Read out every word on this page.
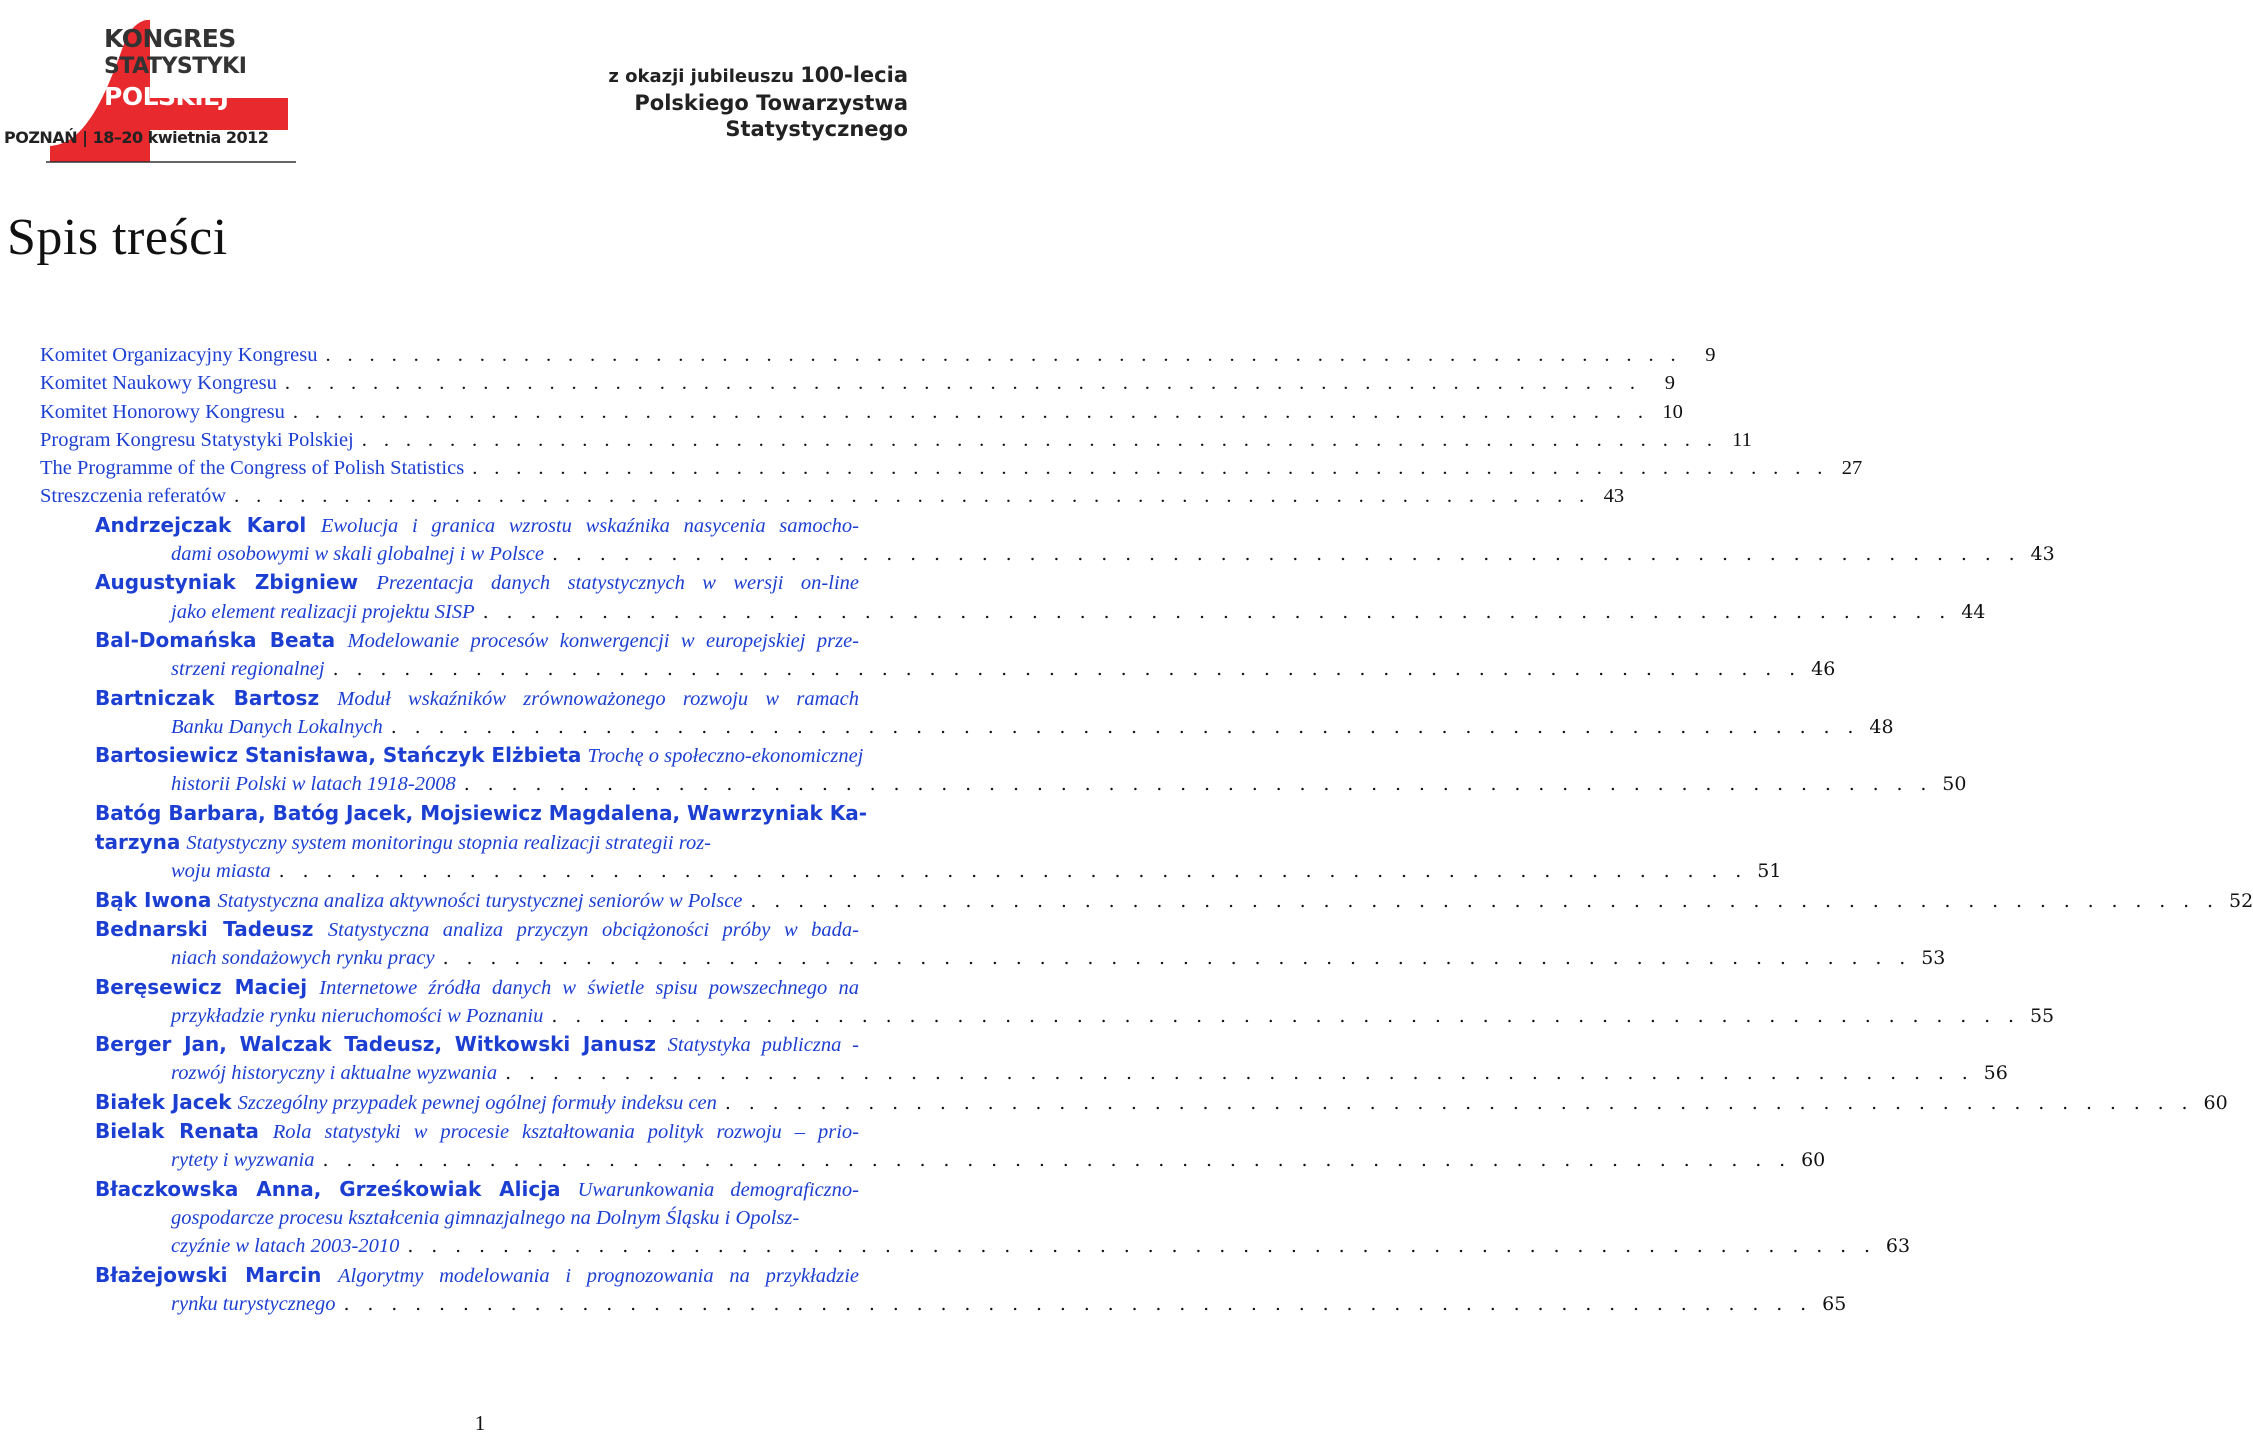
KONGRES
STATYSTYKI
POLSKIEJ
POZNAŃ | 18–20 kwietnia 2012
z okazji jubileuszu 100-lecia
Polskiego Towarzystwa
Statystycznego
Spis treści
Komitet Organizacyjny Kongresu . . . . . . . . . . . . . . . . . . . . . . . . . . . . . . . . . . . . . . . . . . . . . . . . . . . . . . . . . . . . . .	9
Komitet Naukowy Kongresu . . . . . . . . . . . . . . . . . . . . . . . . . . . . . . . . . . . . . . . . . . . . . . . . . . . . . . . . . . . . . .	9
Komitet Honorowy Kongresu . . . . . . . . . . . . . . . . . . . . . . . . . . . . . . . . . . . . . . . . . . . . . . . . . . . . . . . . . . . . . . 10
Program Kongresu Statystyki Polskiej . . . . . . . . . . . . . . . . . . . . . . . . . . . . . . . . . . . . . . . . . . . . . . . . . . . . . . . . . . . . . . 11
The Programme of the Congress of Polish Statistics . . . . . . . . . . . . . . . . . . . . . . . . . . . . . . . . . . . . . . . . . . . . . . . . . . . . . . . . . . . . . . 27
Streszczenia referatów . . . . . . . . . . . . . . . . . . . . . . . . . . . . . . . . . . . . . . . . . . . . . . . . . . . . . . . . . . . . . . 43
Andrzejczak Karol Ewolucja i granica wzrostu wskaźnika nasycenia samocho-
dami osobowymi w skali globalnej i w Polsce . . . . . . . . . . . . . . . . . . . . . . . . . . . . . . . . . . . . . . . . . . . . . . . . . . . . . . . . . . . . . . 43
Augustyniak Zbigniew Prezentacja danych statystycznych w wersji on-line
jako element realizacji projektu SISP . . . . . . . . . . . . . . . . . . . . . . . . . . . . . . . . . . . . . . . . . . . . . . . . . . . . . . . . . . . . . . 44
Bal-Domańska Beata Modelowanie procesów konwergencji w europejskiej prze-
strzeni regionalnej . . . . . . . . . . . . . . . . . . . . . . . . . . . . . . . . . . . . . . . . . . . . . . . . . . . . . . . . . . . . . . 46
Bartniczak Bartosz Moduł wskaźników zrównoważonego rozwoju w ramach
Banku Danych Lokalnych . . . . . . . . . . . . . . . . . . . . . . . . . . . . . . . . . . . . . . . . . . . . . . . . . . . . . . . . . . . . . . 48
Bartosiewicz Stanisława, Stańczyk Elżbieta Trochę o społeczno-ekonomicznej
historii Polski w latach 1918-2008 . . . . . . . . . . . . . . . . . . . . . . . . . . . . . . . . . . . . . . . . . . . . . . . . . . . . . . . . . . . . . . 50
Batóg Barbara, Batóg Jacek, Mojsiewicz Magdalena, Wawrzyniak Ka-
tarzyna Statystyczny system monitoringu stopnia realizacji strategii roz-
woju miasta . . . . . . . . . . . . . . . . . . . . . . . . . . . . . . . . . . . . . . . . . . . . . . . . . . . . . . . . . . . . . . 51
Bąk Iwona Statystyczna analiza aktywności turystycznej seniorów w Polsce . . . . . . . . . . . . . . . . . . . . . . . . . . . . . . . . . . . . . . . . . . . . . . . . . . . . . . . . . . . . . . 52
Bednarski Tadeusz Statystyczna analiza przyczyn obciążoności próby w bada-
niach sondażowych rynku pracy . . . . . . . . . . . . . . . . . . . . . . . . . . . . . . . . . . . . . . . . . . . . . . . . . . . . . . . . . . . . . . 53
Beręsewicz Maciej Internetowe źródła danych w świetle spisu powszechnego na
przykładzie rynku nieruchomości w Poznaniu . . . . . . . . . . . . . . . . . . . . . . . . . . . . . . . . . . . . . . . . . . . . . . . . . . . . . . . . . . . . . . 55
Berger Jan, Walczak Tadeusz, Witkowski Janusz Statystyka publiczna -
rozwój historyczny i aktualne wyzwania . . . . . . . . . . . . . . . . . . . . . . . . . . . . . . . . . . . . . . . . . . . . . . . . . . . . . . . . . . . . . . 56
Białek Jacek Szczególny przypadek pewnej ogólnej formuły indeksu cen . . . . . . . . . . . . . . . . . . . . . . . . . . . . . . . . . . . . . . . . . . . . . . . . . . . . . . . . . . . . . . 60
Bielak Renata Rola statystyki w procesie kształtowania polityk rozwoju – prio-
rytety i wyzwania . . . . . . . . . . . . . . . . . . . . . . . . . . . . . . . . . . . . . . . . . . . . . . . . . . . . . . . . . . . . . . 60
Błaczkowska Anna, Grześkowiak Alicja Uwarunkowania demograficzno-
gospodarcze procesu kształcenia gimnazjalnego na Dolnym Śląsku i Opolsz-
czyźnie w latach 2003-2010 . . . . . . . . . . . . . . . . . . . . . . . . . . . . . . . . . . . . . . . . . . . . . . . . . . . . . . . . . . . . . . 63
Błażejowski Marcin Algorytmy modelowania i prognozowania na przykładzie
rynku turystycznego . . . . . . . . . . . . . . . . . . . . . . . . . . . . . . . . . . . . . . . . . . . . . . . . . . . . . . . . . . . . . . 65
1
